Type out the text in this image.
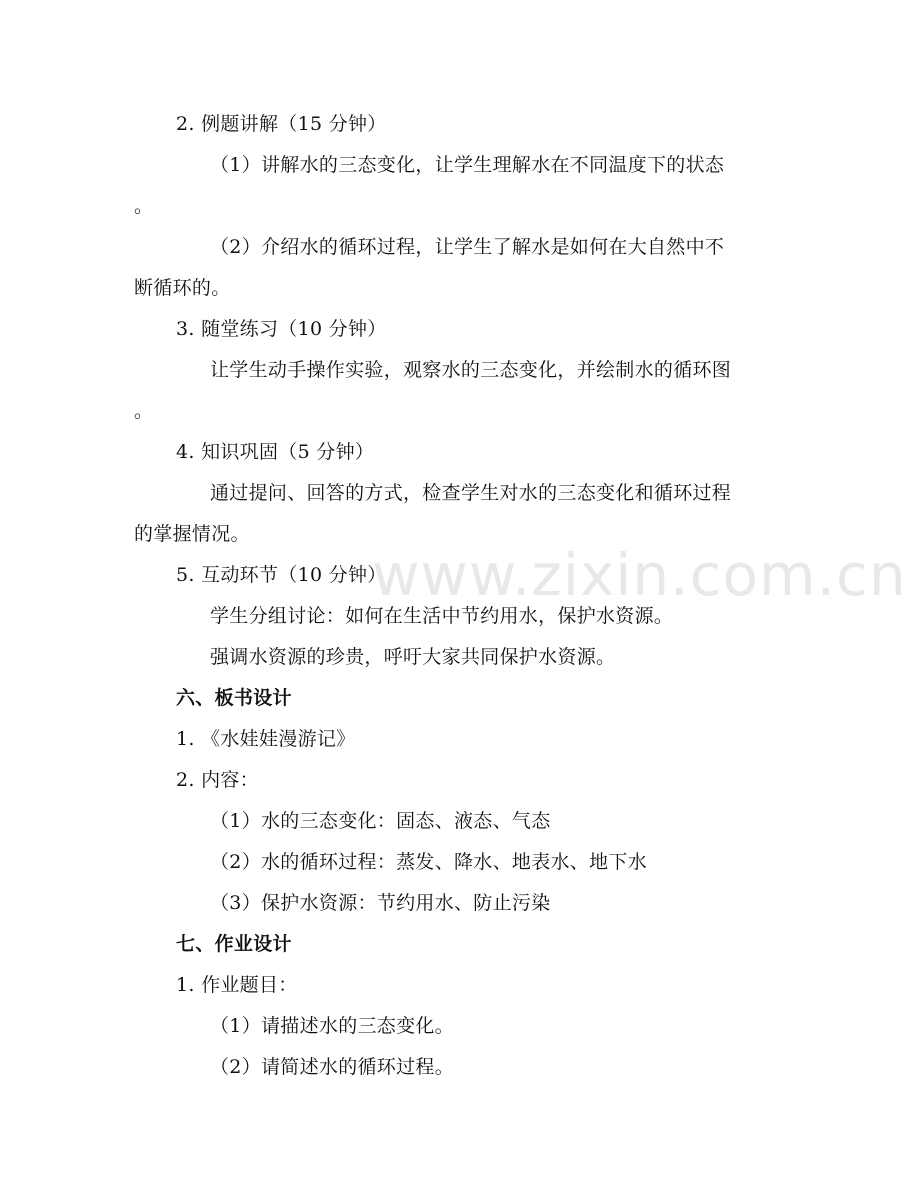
www.zixin.com.cn
2. 例题讲解（15 分钟）
（1）讲解水的三态变化，让学生理解水在不同温度下的状态
。
（2）介绍水的循环过程，让学生了解水是如何在大自然中不
断循环的。
3. 随堂练习（10 分钟）
让学生动手操作实验，观察水的三态变化，并绘制水的循环图
。
4. 知识巩固（5 分钟）
通过提问、回答的方式，检查学生对水的三态变化和循环过程
的掌握情况。
5. 互动环节（10 分钟）
学生分组讨论：如何在生活中节约用水，保护水资源。
强调水资源的珍贵，呼吁大家共同保护水资源。
六、板书设计
1. 《水娃娃漫游记》
2. 内容：
（1）水的三态变化：固态、液态、气态
（2）水的循环过程：蒸发、降水、地表水、地下水
（3）保护水资源：节约用水、防止污染
七、作业设计
1. 作业题目：
（1）请描述水的三态变化。
（2）请简述水的循环过程。
